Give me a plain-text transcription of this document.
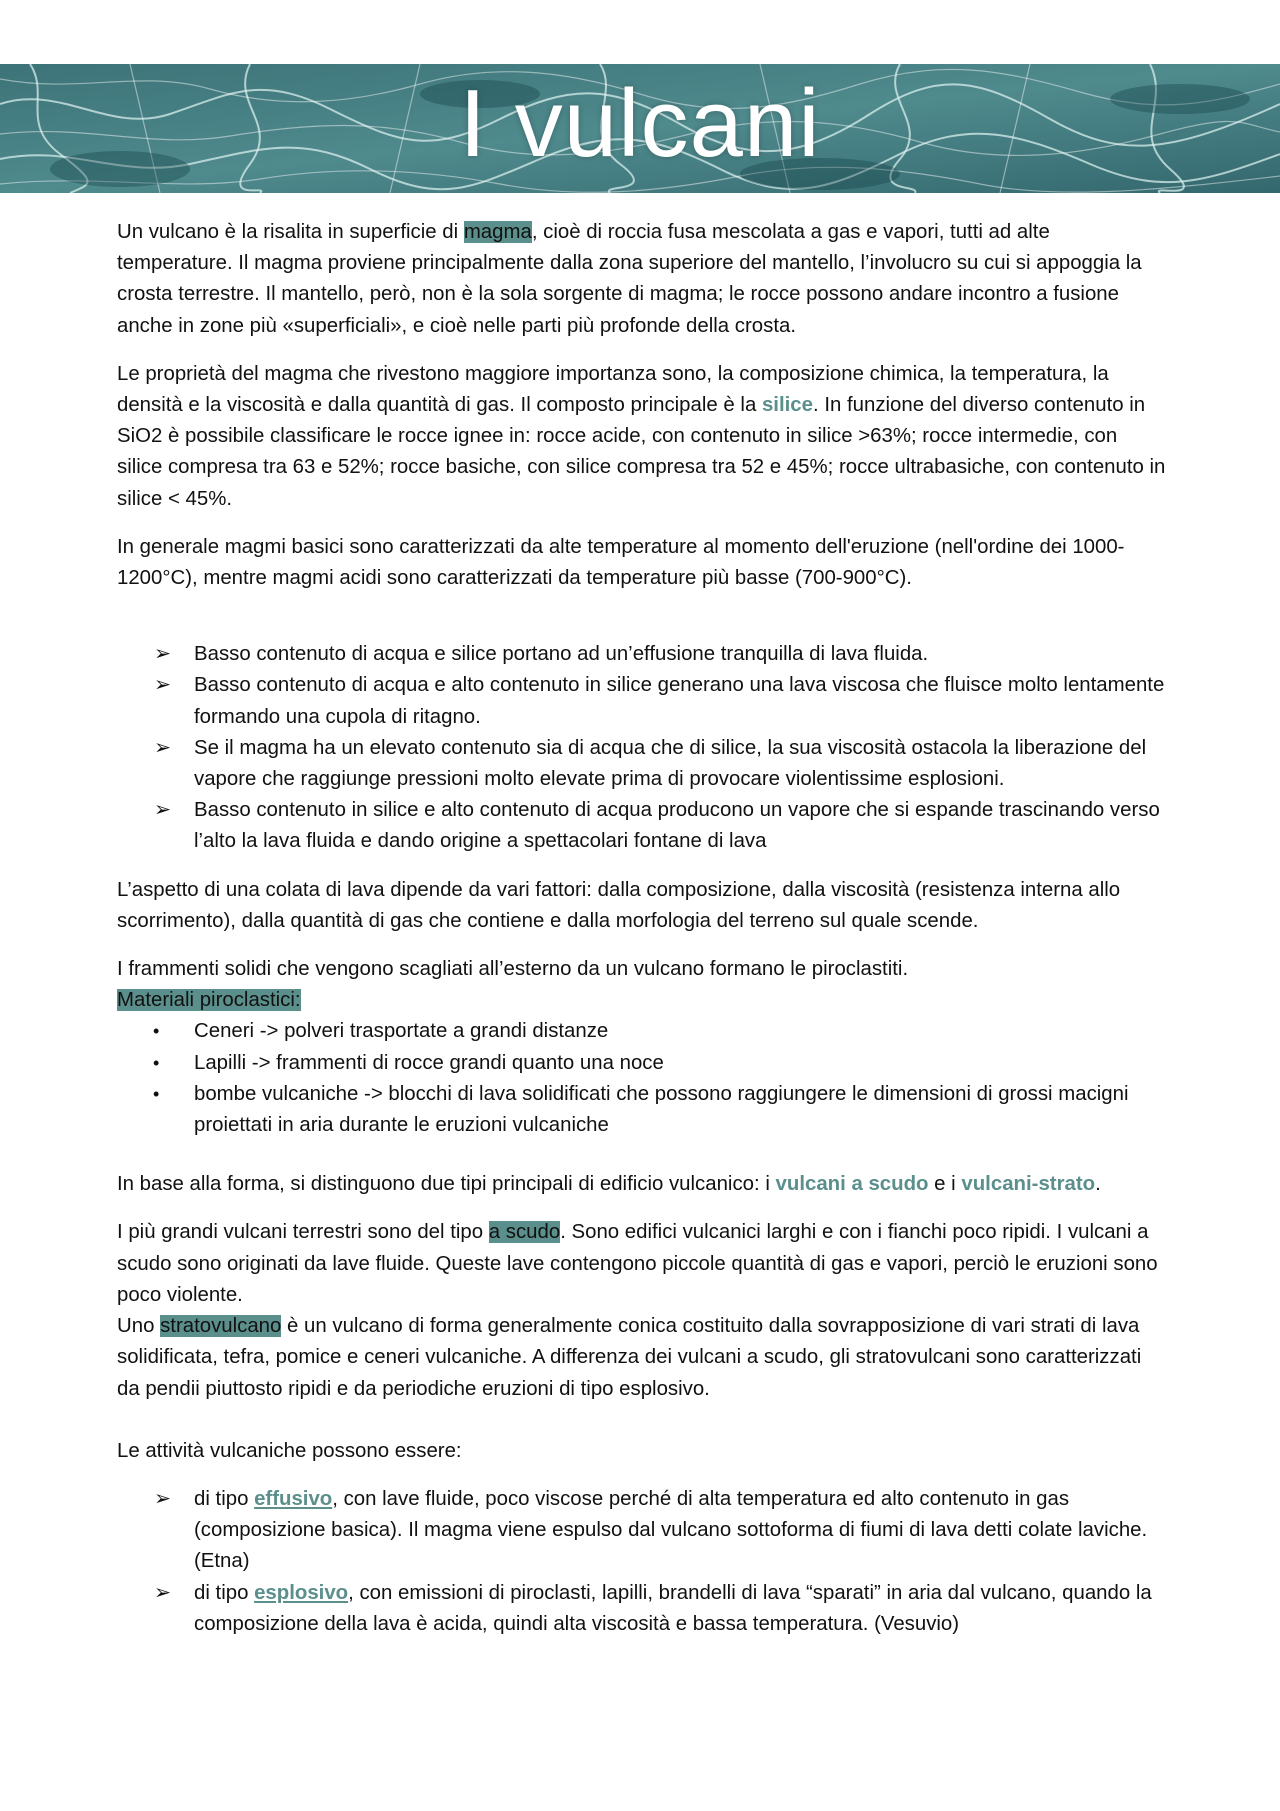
I vulcani

Un vulcano è la risalita in superficie di magma, cioè di roccia fusa mescolata a gas e vapori, tutti ad alte temperature. Il magma proviene principalmente dalla zona superiore del mantello, l’involucro su cui si appoggia la crosta terrestre. Il mantello, però, non è la sola sorgente di magma; le rocce possono andare incontro a fusione anche in zone più «superficiali», e cioè nelle parti più profonde della crosta.

Le proprietà del magma che rivestono maggiore importanza sono, la composizione chimica, la temperatura, la densità e la viscosità e dalla quantità di gas. Il composto principale è la silice. In funzione del diverso contenuto in SiO2 è possibile classificare le rocce ignee in: rocce acide, con contenuto in silice >63%; rocce intermedie, con silice compresa tra 63 e 52%; rocce basiche, con silice compresa tra 52 e 45%; rocce ultrabasiche, con contenuto in silice < 45%.

In generale magmi basici sono caratterizzati da alte temperature al momento dell'eruzione (nell'ordine dei 1000-1200°C), mentre magmi acidi sono caratterizzati da temperature più basse (700-900°C).

➢ Basso contenuto di acqua e silice portano ad un’effusione tranquilla di lava fluida.
➢ Basso contenuto di acqua e alto contenuto in silice generano una lava viscosa che fluisce molto lentamente formando una cupola di ritagno.
➢ Se il magma ha un elevato contenuto sia di acqua che di silice, la sua viscosità ostacola la liberazione del vapore che raggiunge pressioni molto elevate prima di provocare violentissime esplosioni.
➢ Basso contenuto in silice e alto contenuto di acqua producono un vapore che si espande trascinando verso l’alto la lava fluida e dando origine a spettacolari fontane di lava

L’aspetto di una colata di lava dipende da vari fattori: dalla composizione, dalla viscosità (resistenza interna allo scorrimento), dalla quantità di gas che contiene e dalla morfologia del terreno sul quale scende.

I frammenti solidi che vengono scagliati all’esterno da un vulcano formano le piroclastiti.

Materiali piroclastici:
• Ceneri -> polveri trasportate a grandi distanze
• Lapilli -> frammenti di rocce grandi quanto una noce
• bombe vulcaniche -> blocchi di lava solidificati che possono raggiungere le dimensioni di grossi macigni proiettati in aria durante le eruzioni vulcaniche

In base alla forma, si distinguono due tipi principali di edificio vulcanico: i vulcani a scudo e i vulcani-strato.

I più grandi vulcani terrestri sono del tipo a scudo. Sono edifici vulcanici larghi e con i fianchi poco ripidi. I vulcani a scudo sono originati da lave fluide. Queste lave contengono piccole quantità di gas e vapori, perciò le eruzioni sono poco violente.
Uno stratovulcano è un vulcano di forma generalmente conica costituito dalla sovrapposizione di vari strati di lava solidificata, tefra, pomice e ceneri vulcaniche. A differenza dei vulcani a scudo, gli stratovulcani sono caratterizzati da pendii piuttosto ripidi e da periodiche eruzioni di tipo esplosivo.

Le attività vulcaniche possono essere:

➢ di tipo effusivo, con lave fluide, poco viscose perché di alta temperatura ed alto contenuto in gas (composizione basica). Il magma viene espulso dal vulcano sottoforma di fiumi di lava detti colate laviche. (Etna)
➢ di tipo esplosivo, con emissioni di piroclasti, lapilli, brandelli di lava “sparati” in aria dal vulcano, quando la composizione della lava è acida, quindi alta viscosità e bassa temperatura. (Vesuvio)
